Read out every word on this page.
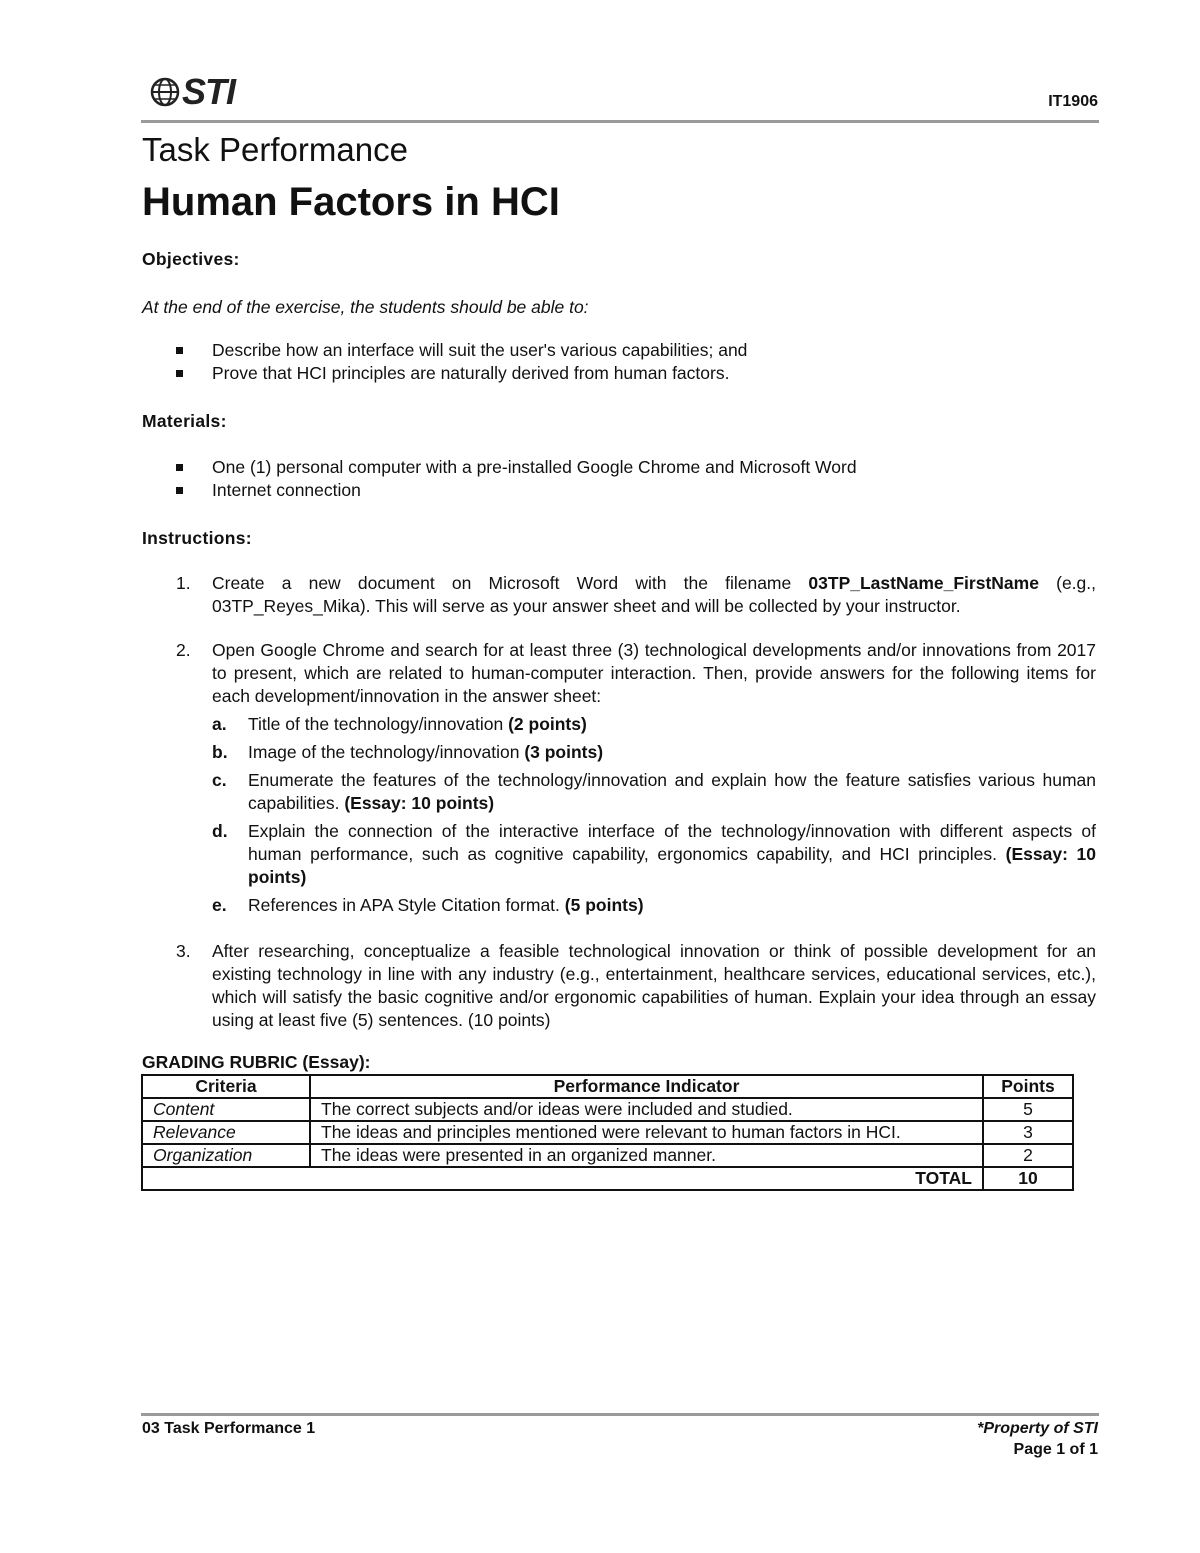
STI	IT1906
Task Performance
Human Factors in HCI
Objectives:
At the end of the exercise, the students should be able to:
Describe how an interface will suit the user's various capabilities; and
Prove that HCI principles are naturally derived from human factors.
Materials:
One (1) personal computer with a pre-installed Google Chrome and Microsoft Word
Internet connection
Instructions:
1. Create a new document on Microsoft Word with the filename 03TP_LastName_FirstName (e.g., 03TP_Reyes_Mika). This will serve as your answer sheet and will be collected by your instructor.
2. Open Google Chrome and search for at least three (3) technological developments and/or innovations from 2017 to present, which are related to human-computer interaction. Then, provide answers for the following items for each development/innovation in the answer sheet:
a. Title of the technology/innovation (2 points)
b. Image of the technology/innovation (3 points)
c. Enumerate the features of the technology/innovation and explain how the feature satisfies various human capabilities. (Essay: 10 points)
d. Explain the connection of the interactive interface of the technology/innovation with different aspects of human performance, such as cognitive capability, ergonomics capability, and HCI principles. (Essay: 10 points)
e. References in APA Style Citation format. (5 points)
3. After researching, conceptualize a feasible technological innovation or think of possible development for an existing technology in line with any industry (e.g., entertainment, healthcare services, educational services, etc.), which will satisfy the basic cognitive and/or ergonomic capabilities of human. Explain your idea through an essay using at least five (5) sentences. (10 points)
GRADING RUBRIC (Essay):
Criteria	Performance Indicator	Points
Content	The correct subjects and/or ideas were included and studied.	5
Relevance	The ideas and principles mentioned were relevant to human factors in HCI.	3
Organization	The ideas were presented in an organized manner.	2
TOTAL		10
03 Task Performance 1	*Property of STI
Page 1 of 1
